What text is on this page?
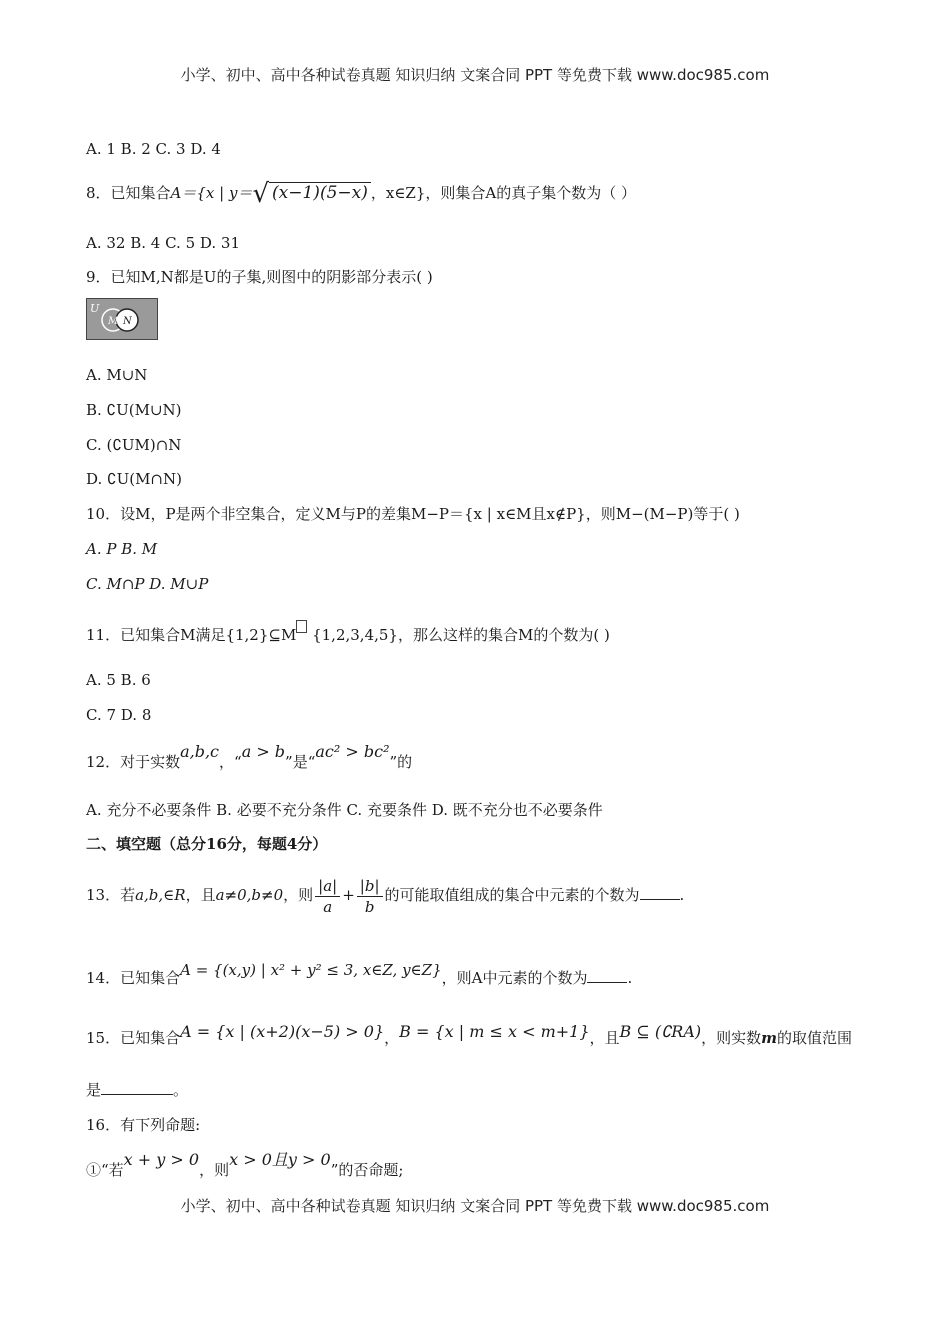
小学、初中、高中各种试卷真题 知识归纳 文案合同 PPT 等免费下载 www.doc985.com
A. 1 B. 2 C. 3 D. 4
8．已知集合A＝{x | y＝√ (x−1)(5−x) ，x∈Z}，则集合A的真子集个数为（ ）
A. 32 B. 4 C. 5 D. 31
9．已知M,N都是U的子集,则图中的阴影部分表示( )
U
M N
A. M∪N
B. ∁U(M∪N)
C. (∁UM)∩N
D. ∁U(M∩N)
10．设M，P是两个非空集合，定义M与P的差集M−P＝{x | x∈M且x∉P}，则M−(M−P)等于( )
A. P B. M
C. M∩P D. M∪P
11．已知集合M满足{1,2}⊆M {1,2,3,4,5}，那么这样的集合M的个数为( )
A. 5 B. 6
C. 7 D. 8
12．对于实数a,b,c，“a > b”是“ac² > bc²”的
A. 充分不必要条件 B. 必要不充分条件 C. 充要条件 D. 既不充分也不必要条件
二、填空题（总分16分，每题4分）
13．若a,b,∈R，且a≠0,b≠0，则 $\frac{|a|}{a} + \frac{|b|}{b}$ 的可能取值组成的集合中元素的个数为	.
14．已知集合A = {(x,y) | x² + y² ≤ 3, x∈Z, y∈Z}，则A中元素的个数为	.
15．已知集合A = {x | (x+2)(x−5) > 0}，B = {x | m ≤ x < m+1}，且B ⊆ (∁RA)，则实数m的取值范围
是	。
16．有下列命题:
①“若x + y > 0，则x > 0且y > 0”的否命题;
小学、初中、高中各种试卷真题 知识归纳 文案合同 PPT 等免费下载 www.doc985.com
